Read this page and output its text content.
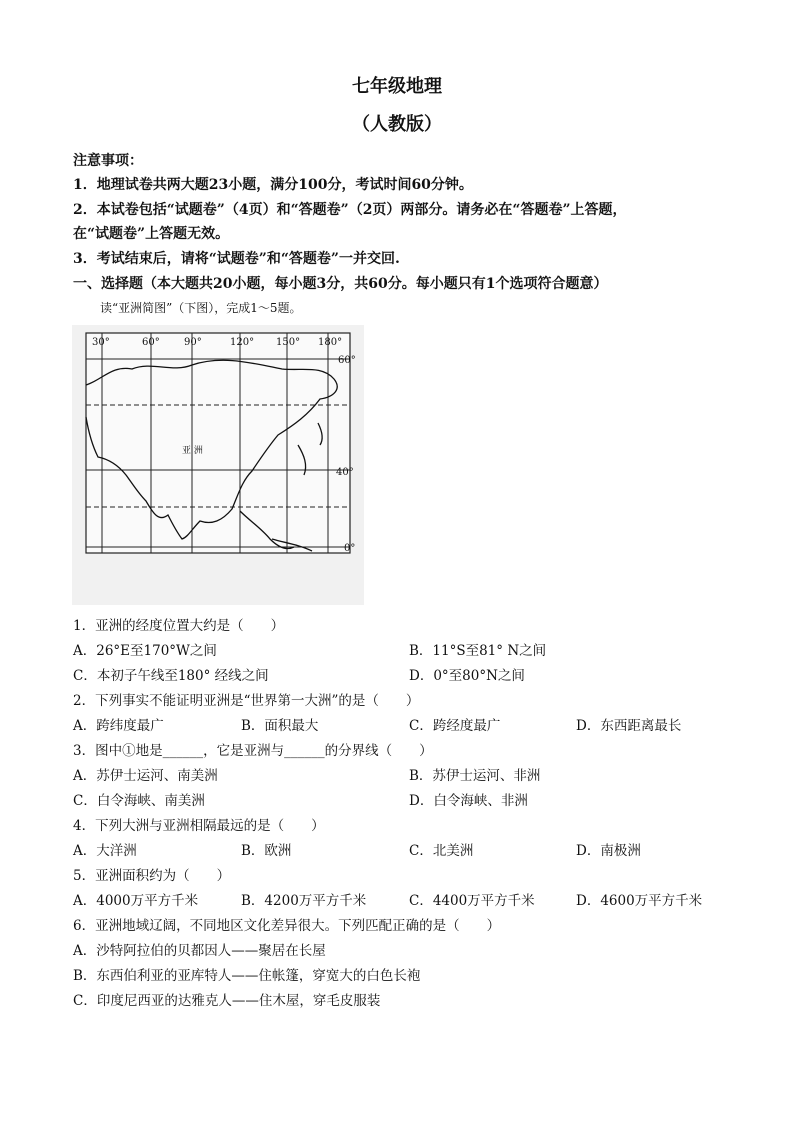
七年级地理
（人教版）
注意事项：
1．地理试卷共两大题23小题，满分100分，考试时间60分钟。
2．本试卷包括“试题卷”（4页）和“答题卷”（2页）两部分。请务必在“答题卷”上答题，
在“试题卷”上答题无效。
3．考试结束后，请将“试题卷”和“答题卷”一并交回.
一、选择题（本大题共20小题，每小题3分，共60分。每小题只有1个选项符合题意）
读“亚洲简图”（下图），完成1～5题。
30°	60° 90°	120° 150° 180°
60°
40°
0°
亚 洲
1．亚洲的经度位置大约是（　　）
A．26°E至170°W之间	B．11°S至81° N之间
C．本初子午线至180° 经线之间	D．0°至80°N之间
2．下列事实不能证明亚洲是“世界第一大洲”的是（　　）
A．跨纬度最广	B．面积最大	C．跨经度最广	D．东西距离最长
3．图中①地是______，它是亚洲与______的分界线（　　）
A．苏伊士运河、南美洲	B．苏伊士运河、非洲
C．白令海峡、南美洲	D．白令海峡、非洲
4．下列大洲与亚洲相隔最远的是（　　）
A．大洋洲	B．欧洲	C．北美洲	D．南极洲
5．亚洲面积约为（　　）
A．4000万平方千米	B．4200万平方千米	C．4400万平方千米	D．4600万平方千米
6．亚洲地域辽阔，不同地区文化差异很大。下列匹配正确的是（　　）
A．沙特阿拉伯的贝都因人——聚居在长屋
B．东西伯利亚的亚库特人——住帐篷，穿宽大的白色长袍
C．印度尼西亚的达雅克人——住木屋，穿毛皮服装
